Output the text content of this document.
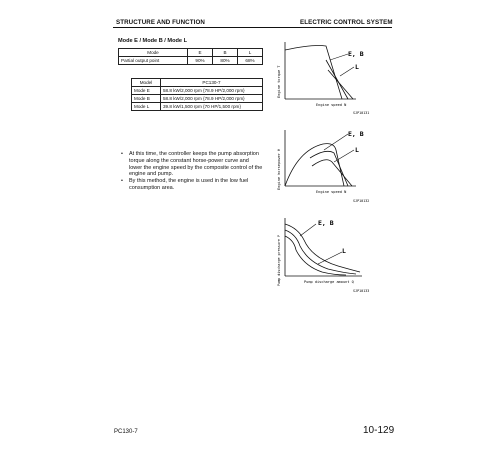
STRUCTURE AND FUNCTION	ELECTRIC CONTROL SYSTEM
Mode E / Mode B / Mode L
Mode	E	B	L
Partial output point	90%	80%	68%
Model	PC130-7
Mode E	58.8 kW/2,000 rpm {78.9 HP/2,000 rpm}
Mode B	58.8 kW/2,000 rpm {78.9 HP/2,000 rpm}
Mode L	39.8 kW/1,500 rpm {70 HP/1,500 rpm}
•	At this time, the controller keeps the pump absorption torque along the constant horse-power curve and lower the engine speed by the composite control of the engine and pump.
•	By this method, the engine is used in the low fuel consumption area.
E, B
L
Engine torque T
Engine speed N
SJP10131
E, B
L
Engine horsepower H
Engine speed N
SJP10132
E, B
L
Pump discharge pressure P	Pump discharge amount Q
SJP10133
PC130-7	10-129
